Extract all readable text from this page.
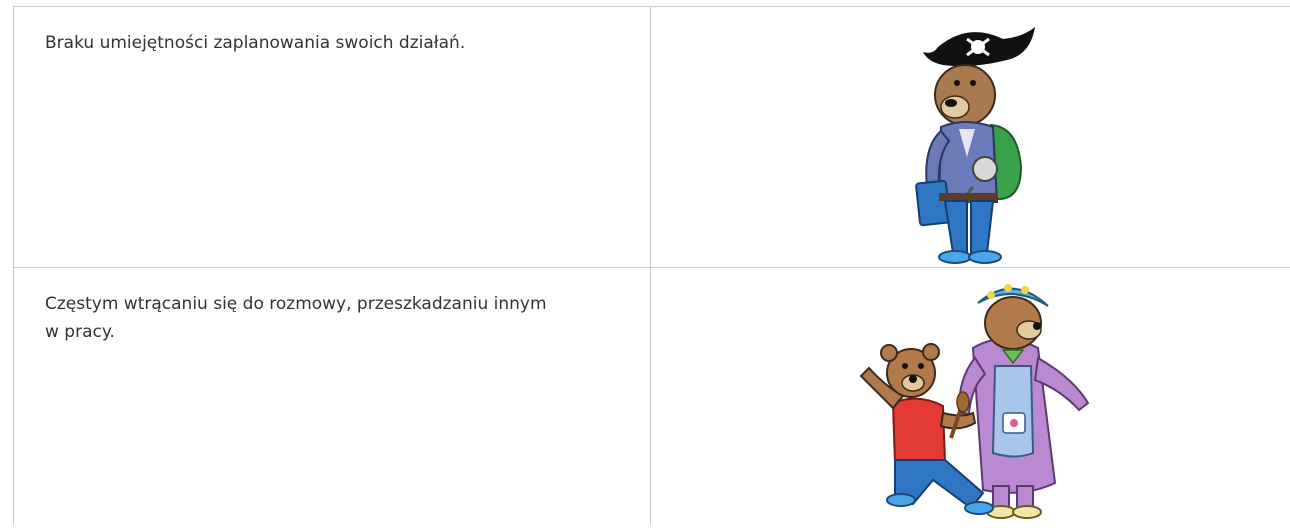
Braku umiejętności zaplanowania swoich działań.
Częstym wtrącaniu się do rozmowy, przeszkadzaniu innym w pracy.
